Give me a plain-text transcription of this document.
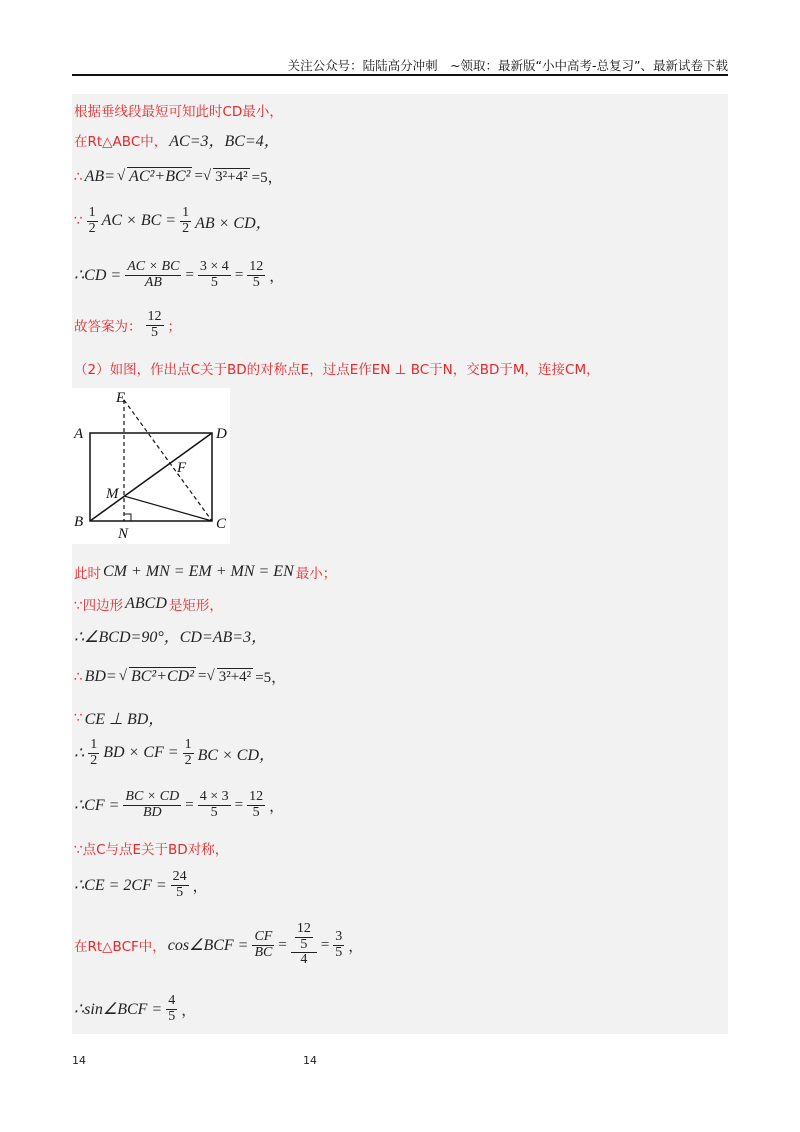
关注公众号：陆陆高分冲刺　~领取：最新版“小中高考-总复习”、最新试卷下载
根据垂线段最短可知此时CD最小，
在Rt△ABC中， AC=3，BC=4，
∴ AB= √ AC²+BC² =√ 3²+4² =5，
∵ $\frac{1}{2}$ AC × BC = $\frac{1}{2}$ AB × CD，
∴CD = $\frac{AC \times BC}{AB} = \frac{3 \times 4}{5} = \frac{12}{5}$ ，
故答案为： $\frac{12}{5}$ ；
（2）如图，作出点C关于BD的对称点E，过点E作EN ⊥ BC于N，交BD于M，连接CM，
此时 CM + MN = EM + MN = EN 最小；
∵四边形 ABCD 是矩形，
∴∠BCD=90°，CD=AB=3，
∴ BD= √ BC²+CD² =√ 3²+4² =5，
∵ CE ⊥ BD，
∴ $\frac{1}{2}$ BD × CF = $\frac{1}{2}$ BC × CD，
∴CF = $\frac{BC \times CD}{BD} = \frac{4 \times 3}{5} = \frac{12}{5}$ ，
∵点C与点E关于BD对称，
∴CE = $2CF = \frac{24}{5}$ ，
在Rt△BCF中， cos∠BCF = $\frac{CF}{BC} = \frac{\frac{12}{5}}{4} = \frac{3}{5}$ ，
∴sin∠BCF = $\frac{4}{5}$ ，
E
A	D
F
M
B	C
N
14	14
